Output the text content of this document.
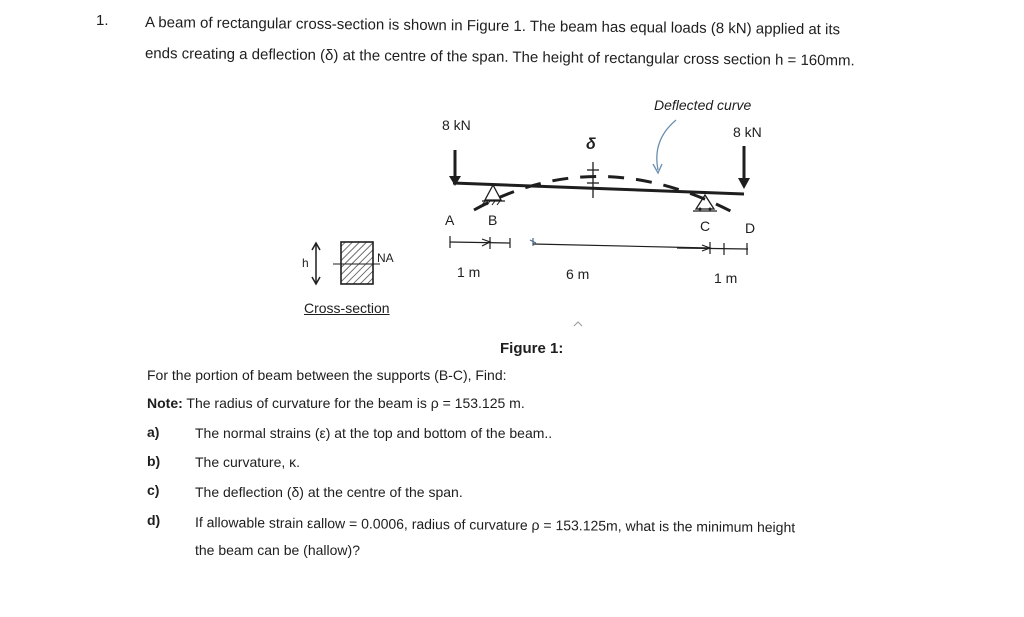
1. A beam of rectangular cross-section is shown in Figure 1. The beam has equal loads (8 kN) applied at its
ends creating a deflection (δ) at the centre of the span. The height of rectangular cross section h = 160mm.
8 kN	8 kN
Deflected curve
δ
A B	C D
1 m	6 m	1 m
h	NA
Cross-section
Figure 1:
For the portion of beam between the supports (B-C), Find:
Note: The radius of curvature for the beam is ρ = 153.125 m.
a)	The normal strains (ε) at the top and bottom of the beam..
b) The curvature, κ.
c)	The deflection (δ) at the centre of the span.
d) If allowable strain εallow = 0.0006, radius of curvature ρ = 153.125m, what is the minimum height
the beam can be (hallow)?
